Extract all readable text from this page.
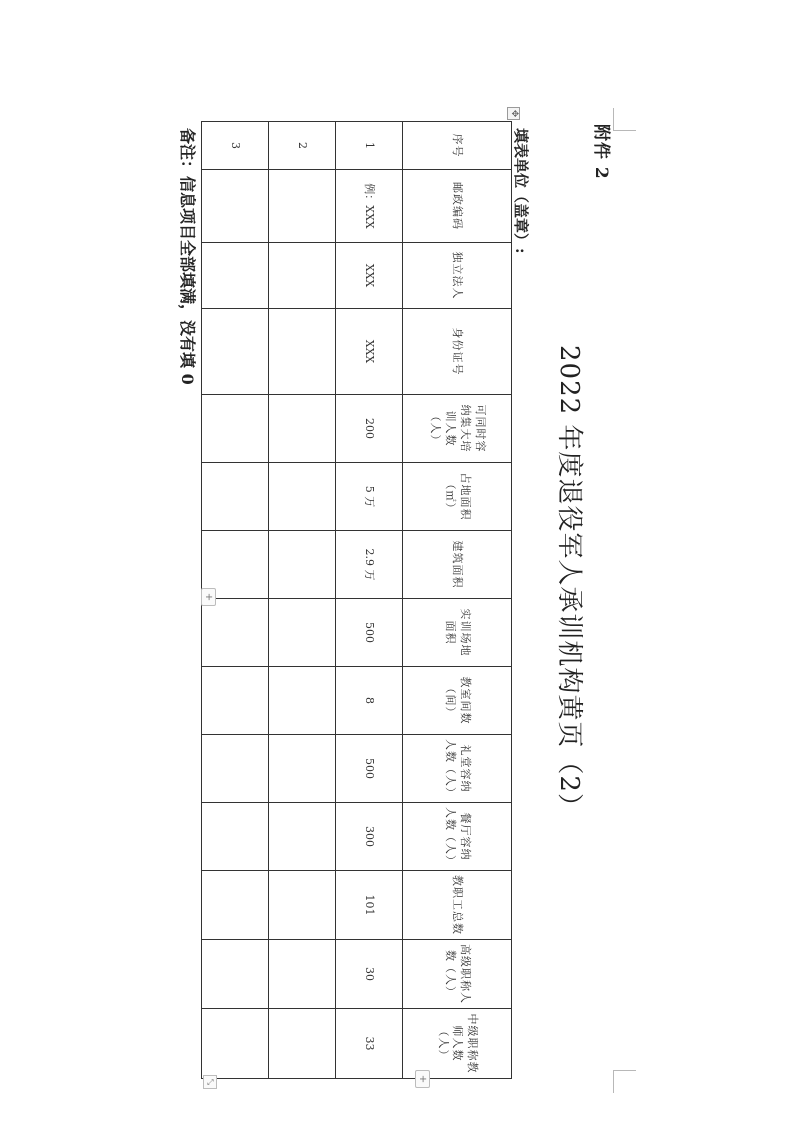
附件 2
2022 年度退役军人承训机构黄页（2）
填表单位（盖章）:
✥
序号	邮政编码	独立法人	身份证号	可同时容纳集大培训人数（人）	占地面积（㎡）	建筑面积	实训场地面积	教室间数（间）	礼堂容纳人数（人）	餐厅容纳人数（人）	教职工总数	高级职称人数（人）	中级职称教师人数（人）
1	例：XXX	XXX	XXX	200	5 万	2.9 万	500	8	500	300	101	30	33
2													
3													
+
+
⤡
备注：信息项目全部填满，没有填 0
